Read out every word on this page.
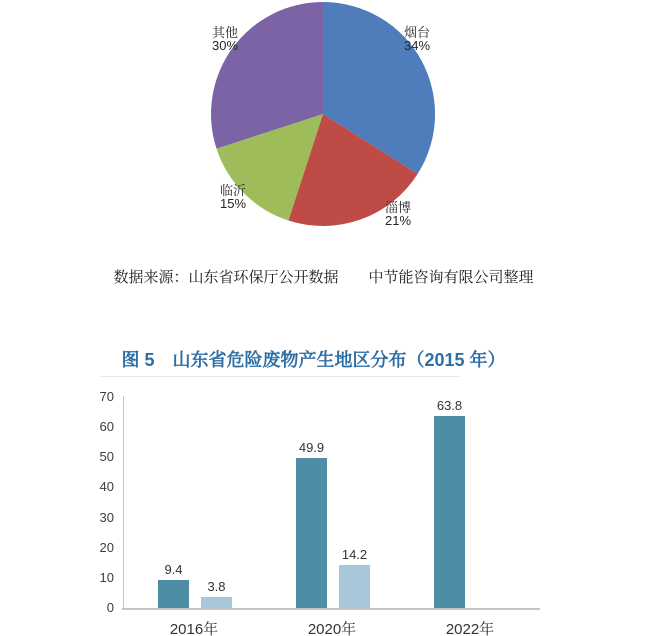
烟台
34%
淄博
21%
临沂
15%
其他
30%

数据来源：山东省环保厅公开数据　　中节能咨询有限公司整理

图 5　山东省危险废物产生地区分布（2015 年）
0
10
20
30
40
50
60
70
9.4
49.9
63.8
3.8
14.2
2016年	2020年	2022年
